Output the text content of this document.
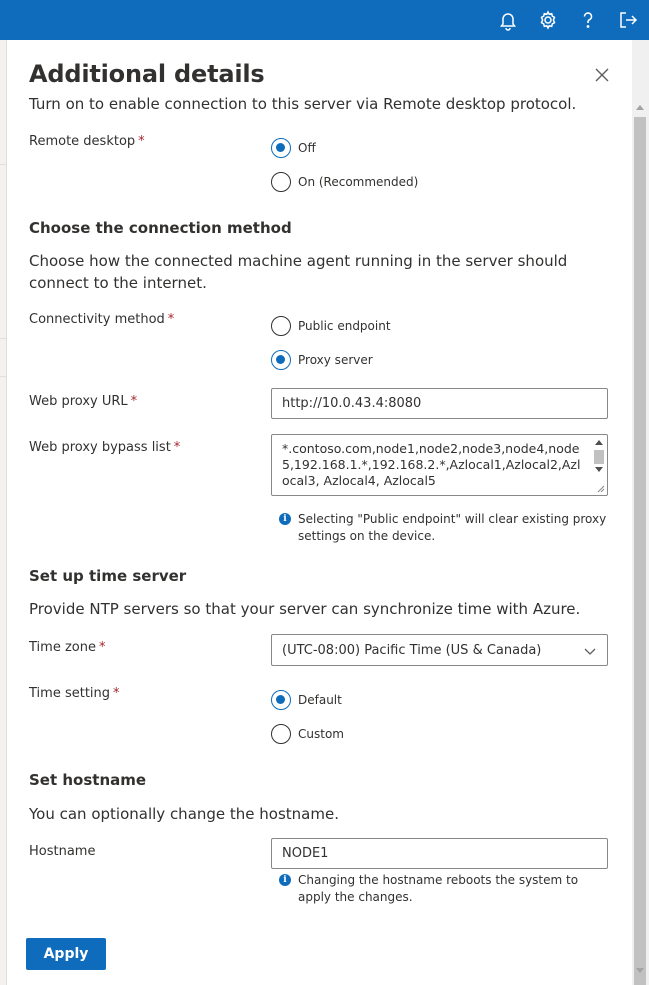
Additional details
Turn on to enable connection to this server via Remote desktop protocol.
Remote desktop *	Off
On (Recommended)
Choose the connection method
Choose how the connected machine agent running in the server should connect to the internet.
Connectivity method *	Public endpoint
Proxy server
Web proxy URL *	http://10.0.43.4:8080
Web proxy bypass list *	*.contoso.com,node1,node2,node3,node4,node5,192.168.1.*,192.168.2.*,Azlocal1,Azlocal2,Azlocal3, Azlocal4, Azlocal5
i Selecting "Public endpoint" will clear existing proxy settings on the device.
Set up time server
Provide NTP servers so that your server can synchronize time with Azure.
Time zone *	(UTC-08:00) Pacific Time (US & Canada)
Time setting *	Default
Custom
Set hostname
You can optionally change the hostname.
Hostname	NODE1
i Changing the hostname reboots the system to apply the changes.
Apply
